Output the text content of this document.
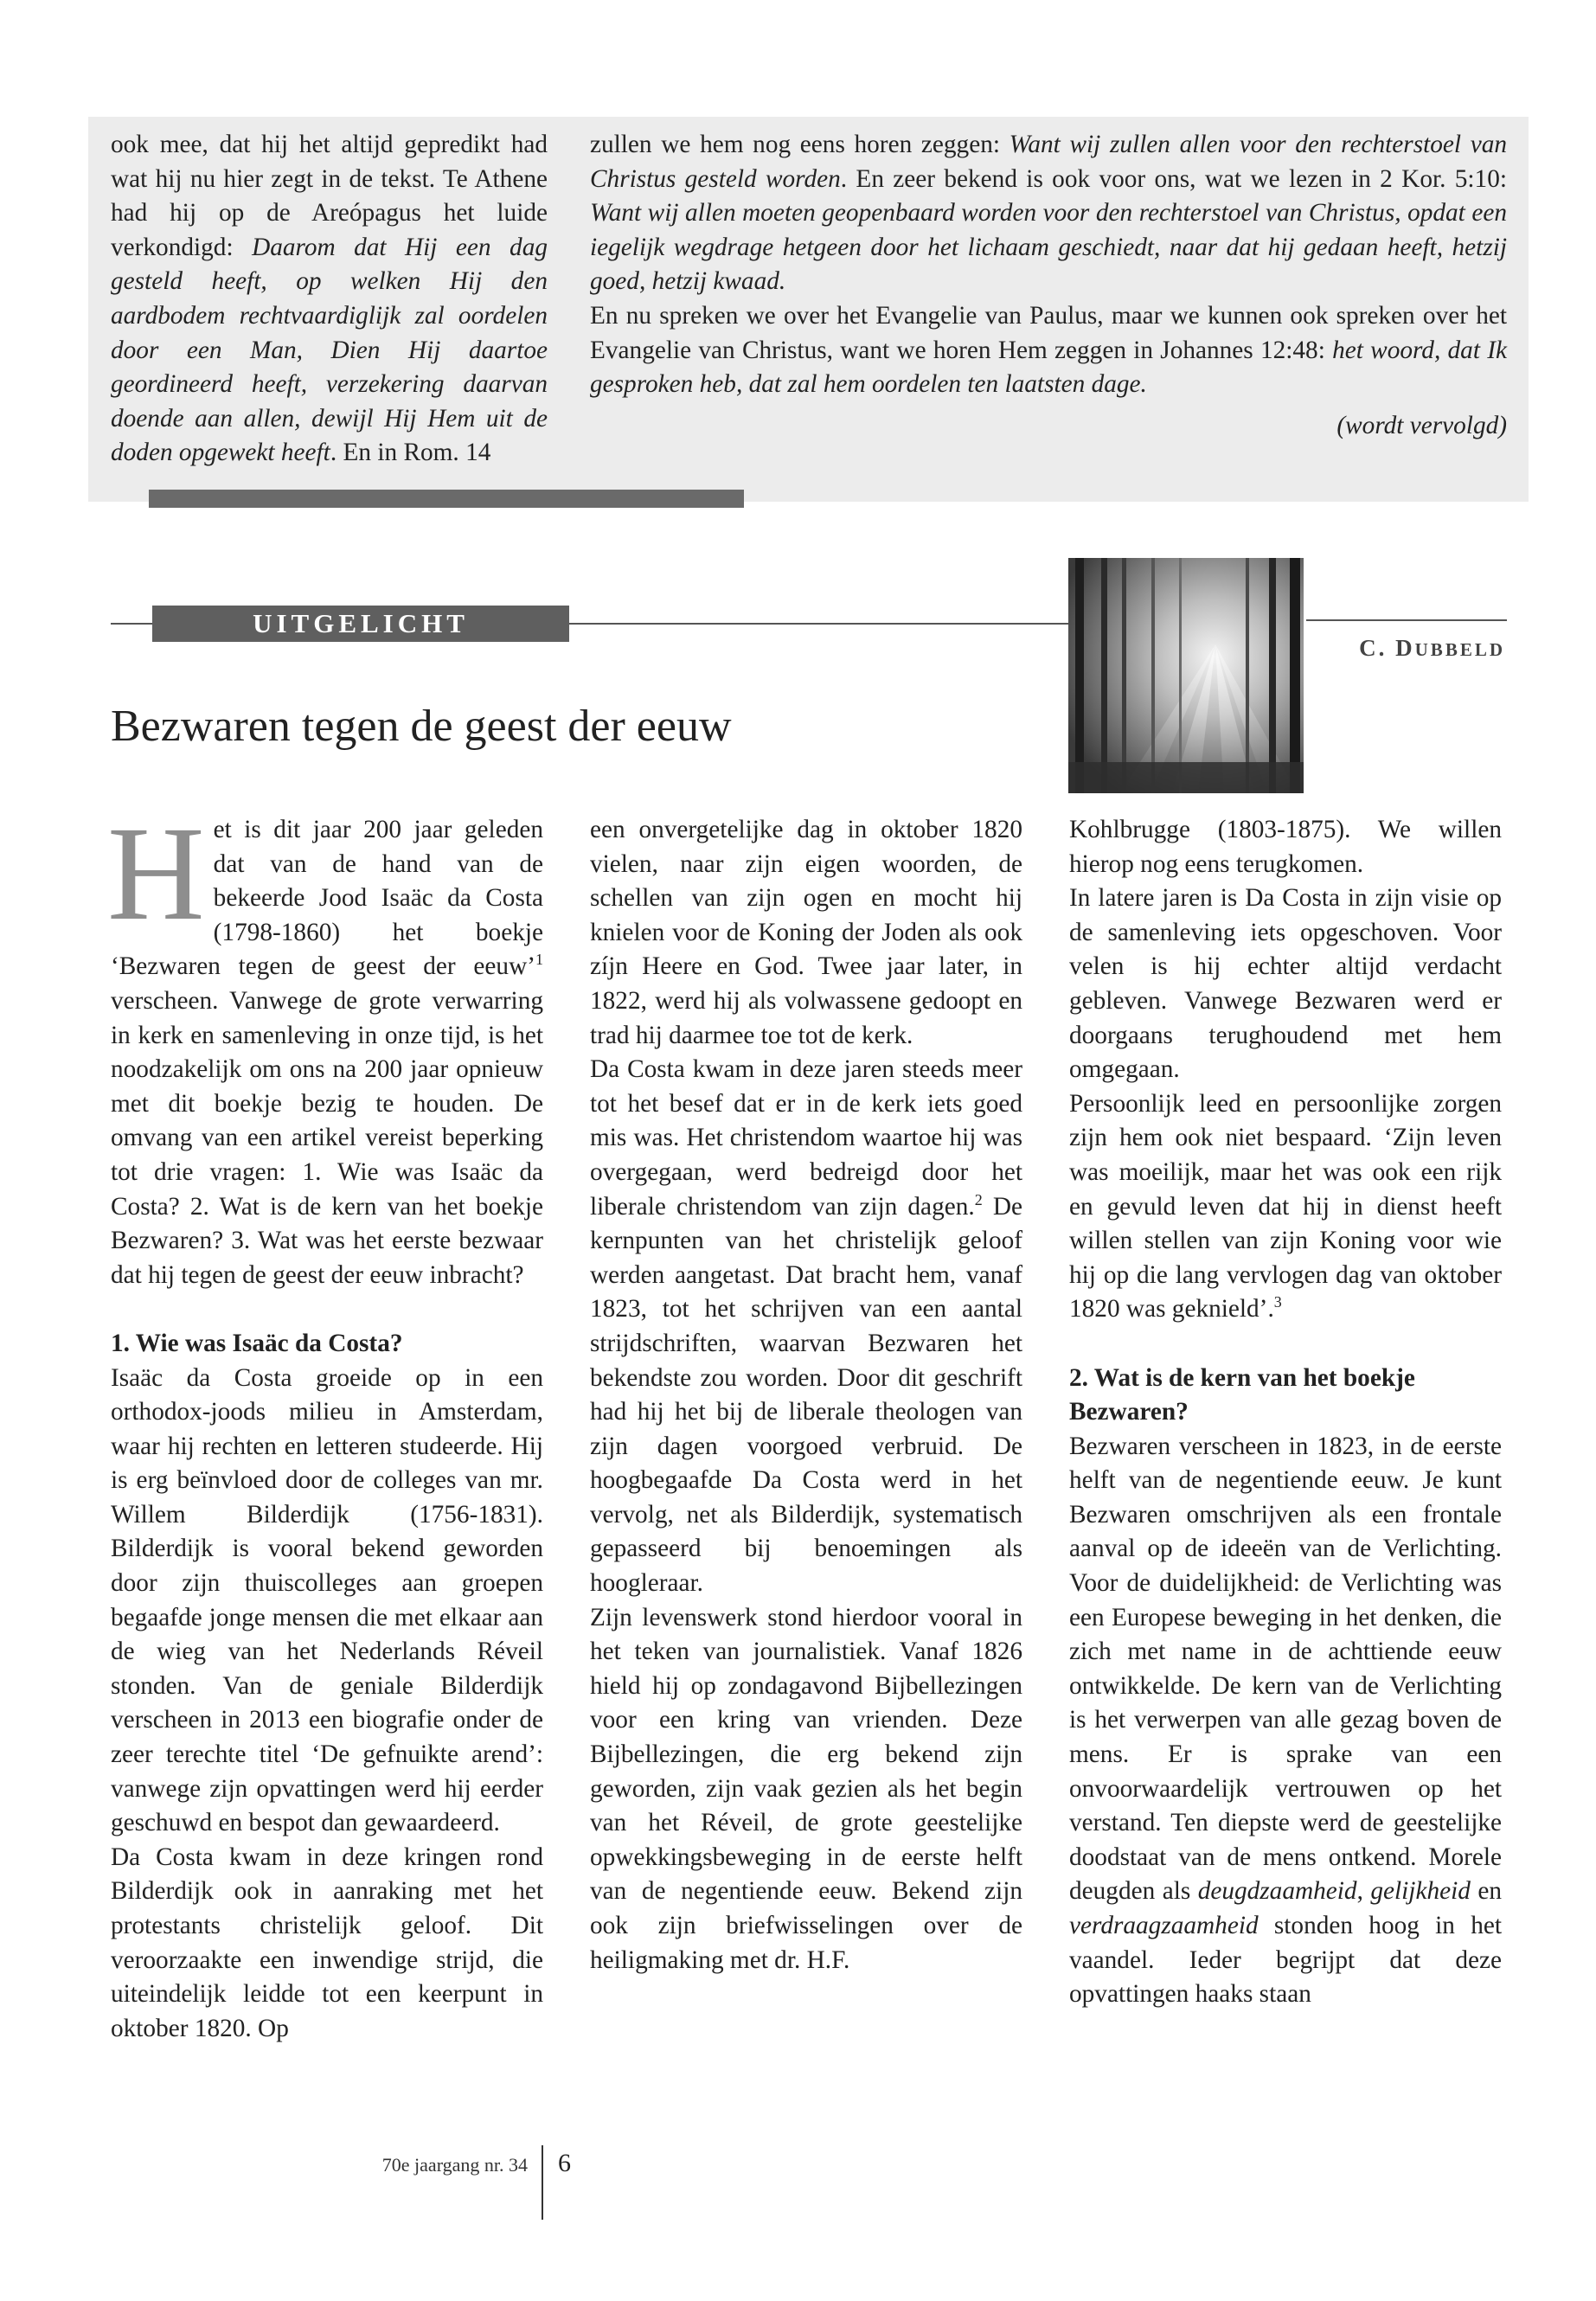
ook mee, dat hij het altijd gepredikt had wat hij nu hier zegt in de tekst. Te Athene had hij op de Areópagus het luide verkondigd: Daarom dat Hij een dag gesteld heeft, op welken Hij den aardbodem rechtvaardiglijk zal oordelen door een Man, Dien Hij daartoe geordineerd heeft, verzekering daarvan doende aan allen, dewijl Hij Hem uit de doden opgewekt heeft. En in Rom. 14
zullen we hem nog eens horen zeggen: Want wij zullen allen voor den rechterstoel van Christus gesteld worden. En zeer bekend is ook voor ons, wat we lezen in 2 Kor. 5:10: Want wij allen moeten geopenbaard worden voor den rechterstoel van Christus, opdat een iegelijk wegdrage hetgeen door het lichaam geschiedt, naar dat hij gedaan heeft, hetzij goed, hetzij kwaad.
En nu spreken we over het Evangelie van Paulus, maar we kunnen ook spreken over het Evangelie van Christus, want we horen Hem zeggen in Johannes 12:48: het woord, dat Ik gesproken heb, dat zal hem oordelen ten laatsten dage.
(wordt vervolgd)
UITGELICHT
C. DUBBELD
Bezwaren tegen de geest der eeuw
H et is dit jaar 200 jaar geleden dat van de hand van de bekeerde Jood Isaäc da Costa (1798-1860) het boekje ‘Bezwaren tegen de geest der eeuw’$^1$ verscheen. Vanwege de grote verwarring in kerk en samenleving in onze tijd, is het noodzakelijk om ons na 200 jaar opnieuw met dit boekje bezig te houden. De omvang van een artikel vereist beperking tot drie vragen: 1. Wie was Isaäc da Costa? 2. Wat is de kern van het boekje Bezwaren? 3. Wat was het eerste bezwaar dat hij tegen de geest der eeuw inbracht?
1. Wie was Isaäc da Costa?
Isaäc da Costa groeide op in een orthodox-joods milieu in Amsterdam, waar hij rechten en letteren studeerde. Hij is erg beïnvloed door de colleges van mr. Willem Bilderdijk (1756-1831). Bilderdijk is vooral bekend geworden door zijn thuiscolleges aan groepen begaafde jonge mensen die met elkaar aan de wieg van het Nederlands Réveil stonden. Van de geniale Bilderdijk verscheen in 2013 een biografie onder de zeer terechte titel ‘De gefnuikte arend’: vanwege zijn opvattingen werd hij eerder geschuwd en bespot dan gewaardeerd.
Da Costa kwam in deze kringen rond Bilderdijk ook in aanraking met het protestants christelijk geloof. Dit veroorzaakte een inwendige strijd, die uiteindelijk leidde tot een keerpunt in oktober 1820. Op
een onvergetelijke dag in oktober 1820 vielen, naar zijn eigen woorden, de schellen van zijn ogen en mocht hij knielen voor de Koning der Joden als ook zíjn Heere en God. Twee jaar later, in 1822, werd hij als volwassene gedoopt en trad hij daarmee toe tot de kerk.
Da Costa kwam in deze jaren steeds meer tot het besef dat er in de kerk iets goed mis was. Het christendom waartoe hij was overgegaan, werd bedreigd door het liberale christendom van zijn dagen.$^2$ De kernpunten van het christelijk geloof werden aangetast. Dat bracht hem, vanaf 1823, tot het schrijven van een aantal strijdschriften, waarvan Bezwaren het bekendste zou worden. Door dit geschrift had hij het bij de liberale theologen van zijn dagen voorgoed verbruid. De hoogbegaafde Da Costa werd in het vervolg, net als Bilderdijk, systematisch gepasseerd bij benoemingen als hoogleraar.
Zijn levenswerk stond hierdoor vooral in het teken van journalistiek. Vanaf 1826 hield hij op zondagavond Bijbellezingen voor een kring van vrienden. Deze Bijbellezingen, die erg bekend zijn geworden, zijn vaak gezien als het begin van het Réveil, de grote geestelijke opwekkingsbeweging in de eerste helft van de negentiende eeuw. Bekend zijn ook zijn briefwisselingen over de heiligmaking met dr. H.F.
Kohlbrugge (1803-1875). We willen hierop nog eens terugkomen.
In latere jaren is Da Costa in zijn visie op de samenleving iets opgeschoven. Voor velen is hij echter altijd verdacht gebleven. Vanwege Bezwaren werd er doorgaans terughoudend met hem omgegaan.
Persoonlijk leed en persoonlijke zorgen zijn hem ook niet bespaard. ‘Zijn leven was moeilijk, maar het was ook een rijk en gevuld leven dat hij in dienst heeft willen stellen van zijn Koning voor wie hij op die lang vervlogen dag van oktober 1820 was geknield’.$^3$
2. Wat is de kern van het boekje Bezwaren?
Bezwaren verscheen in 1823, in de eerste helft van de negentiende eeuw. Je kunt Bezwaren omschrijven als een frontale aanval op de ideeën van de Verlichting. Voor de duidelijkheid: de Verlichting was een Europese beweging in het denken, die zich met name in de achttiende eeuw ontwikkelde. De kern van de Verlichting is het verwerpen van alle gezag boven de mens. Er is sprake van een onvoorwaardelijk vertrouwen op het verstand. Ten diepste werd de geestelijke doodstaat van de mens ontkend. Morele deugden als deugdzaamheid, gelijkheid en verdraagzaamheid stonden hoog in het vaandel. Ieder begrijpt dat deze opvattingen haaks staan
70e jaargang nr. 34 6
